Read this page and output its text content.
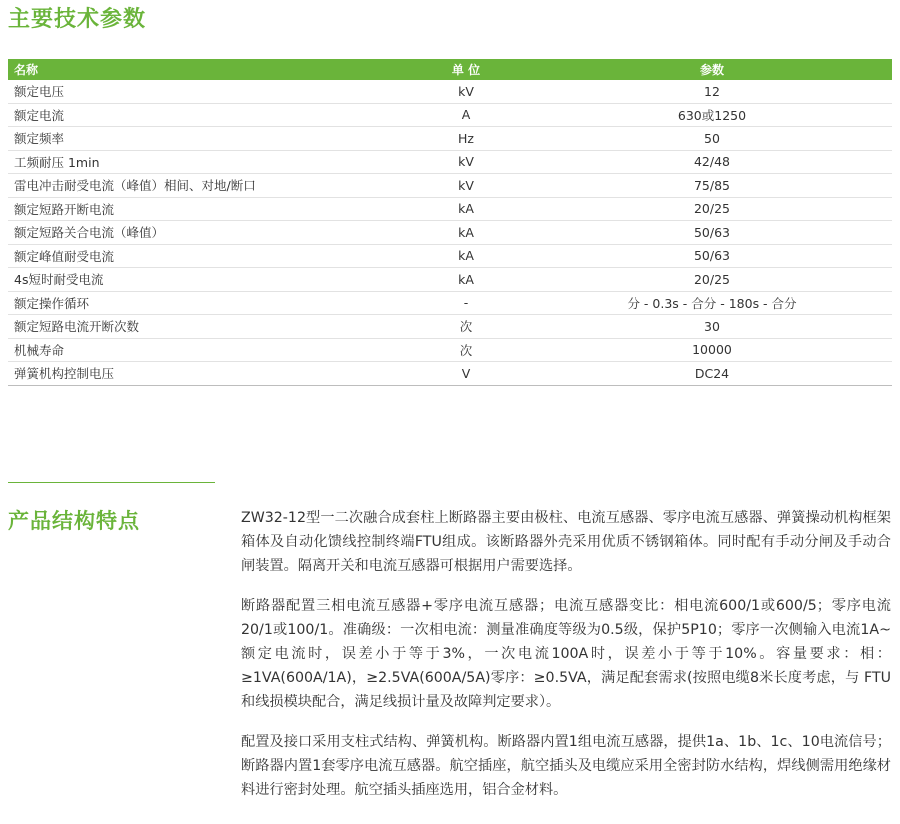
主要技术参数
名称	单 位	参数
额定电压	kV	12
额定电流	A	630或1250
额定频率	Hz	50
工频耐压 1min	kV	42/48
雷电冲击耐受电流（峰值）相间、对地/断口	kV	75/85
额定短路开断电流	kA	20/25
额定短路关合电流（峰值）	kA	50/63
额定峰值耐受电流	kA	50/63
4s短时耐受电流	kA	20/25
额定操作循环	-	分 - 0.3s - 合分 - 180s - 合分
额定短路电流开断次数	次	30
机械寿命	次	10000
弹簧机构控制电压	V	DC24
产品结构特点	ZW32-12型一二次融合成套柱上断路器主要由极柱、电流互感器、零序电流互感器、弹簧操动机构框架箱体及自动化馈线控制终端FTU组成。该断路器外壳采用优质不锈钢箱体。同时配有手动分闸及手动合闸装置。隔离开关和电流互感器可根据用户需要选择。

断路器配置三相电流互感器+零序电流互感器；电流互感器变比：相电流600/1或600/5；零序电流20/1或100/1。准确级：一次相电流：测量准确度等级为0.5级，保护5P10；零序一次侧输入电流1A~额定电流时，误差小于等于3%，一次电流100A时，误差小于等于10%。容量要求：相：≥1VA(600A/1A)，≥2.5VA(600A/5A)零序：≥0.5VA，满足配套需求(按照电缆8米长度考虑，与 FTU和线损模块配合，满足线损计量及故障判定要求）。

配置及接口采用支柱式结构、弹簧机构。断路器内置1组电流互感器，提供1a、1b、1c、10电流信号；断路器内置1套零序电流互感器。航空插座，航空插头及电缆应采用全密封防水结构，焊线侧需用绝缘材料进行密封处理。航空插头插座选用，铝合金材料。
